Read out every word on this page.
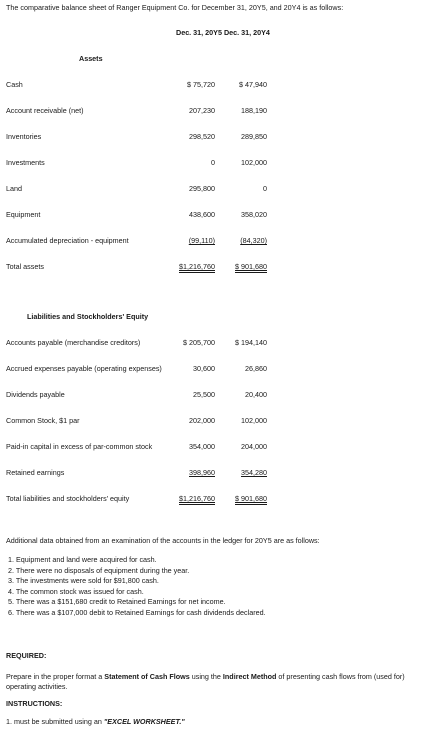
The comparative balance sheet of Ranger Equipment Co. for December 31, 20Y5, and 20Y4 is as follows:
Dec. 31, 20Y5 Dec. 31, 20Y4
Assets
Cash	$ 75,720	$ 47,940
Account receivable (net)	207,230	188,190
Inventories	298,520	289,850
Investments	0	102,000
Land	295,800	0
Equipment	438,600	358,020
Accumulated depreciation - equipment	(99,110)	(84,320)
Total assets	$1,216,760	$ 901,680
Liabilities and Stockholders' Equity
Accounts payable (merchandise creditors)	$ 205,700	$ 194,140
Accrued expenses payable (operating expenses)	30,600	26,860
Dividends payable	25,500	20,400
Common Stock, $1 par	202,000	102,000
Paid-in capital in excess of par-common stock	354,000	204,000
Retained earnings	398,960	354,280
Total liabilities and stockholders' equity	$1,216,760	$ 901,680
Additional data obtained from an examination of the accounts in the ledger for 20Y5 are as follows:
1. Equipment and land were acquired for cash.
2. There were no disposals of equipment during the year.
3. The investments were sold for $91,800 cash.
4. The common stock was issued for cash.
5. There was a $151,680 credit to Retained Earnings for net income.
6. There was a $107,000 debit to Retained Earnings for cash dividends declared.
REQUIRED:
Prepare in the proper format a Statement of Cash Flows using the Indirect Method of presenting cash flows from (used for) operating activities.
INSTRUCTIONS:
1. must be submitted using an "EXCEL WORKSHEET."
